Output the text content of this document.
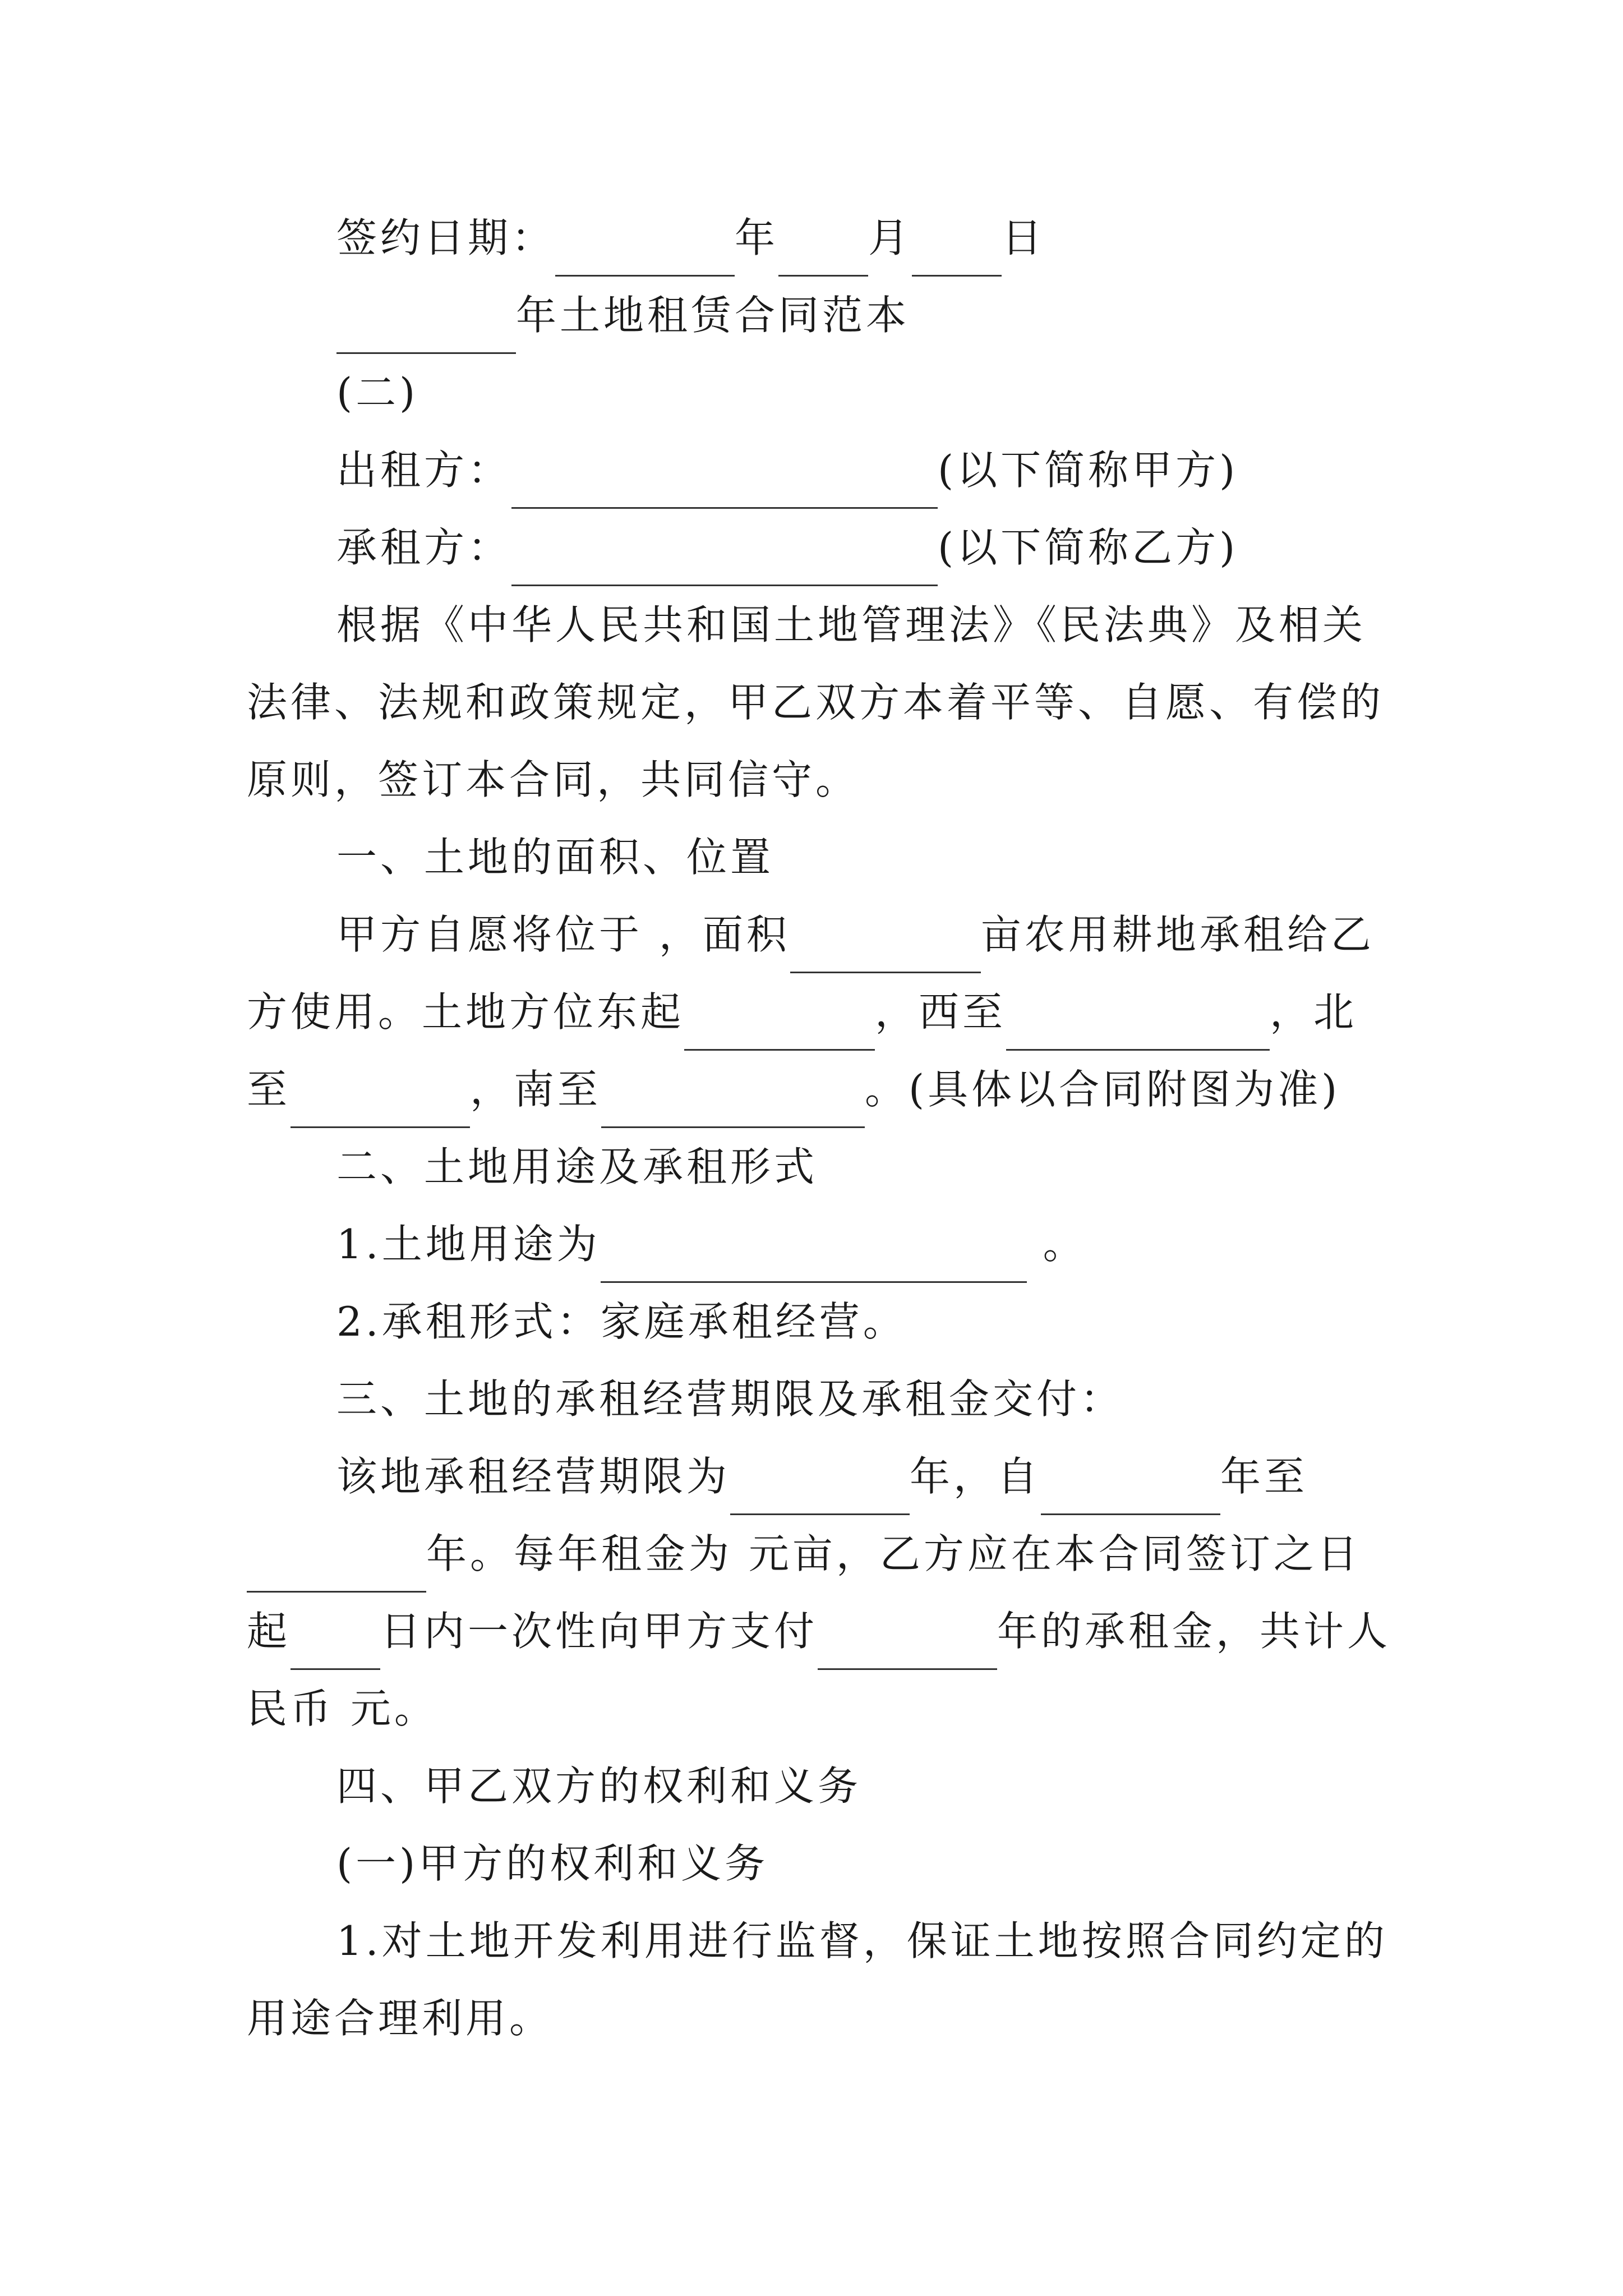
签约日期：	年 月 日
年土地租赁合同范本
(二)
出租方：	(以下简称甲方)
承租方：	(以下简称乙方)
根据《中华人民共和国土地管理法》《民法典》及相关
法律、法规和政策规定，甲乙双方本着平等、自愿、有偿的
原则，签订本合同，共同信守。
一、土地的面积、位置
甲方自愿将位于 ，面积	亩农用耕地承租给乙
方使用。土地方位东起	，西至	，北
至	，南至	。(具体以合同附图为准)
二、土地用途及承租形式
1.土地用途为	。
2.承租形式：家庭承租经营。
三、土地的承租经营期限及承租金交付：
该地承租经营期限为	年，自	年至
年。每年租金为 元亩，乙方应在本合同签订之日
起 日内一次性向甲方支付	年的承租金，共计人
民币 元。
四、甲乙双方的权利和义务
(一)甲方的权利和义务
1.对土地开发利用进行监督，保证土地按照合同约定的
用途合理利用。
